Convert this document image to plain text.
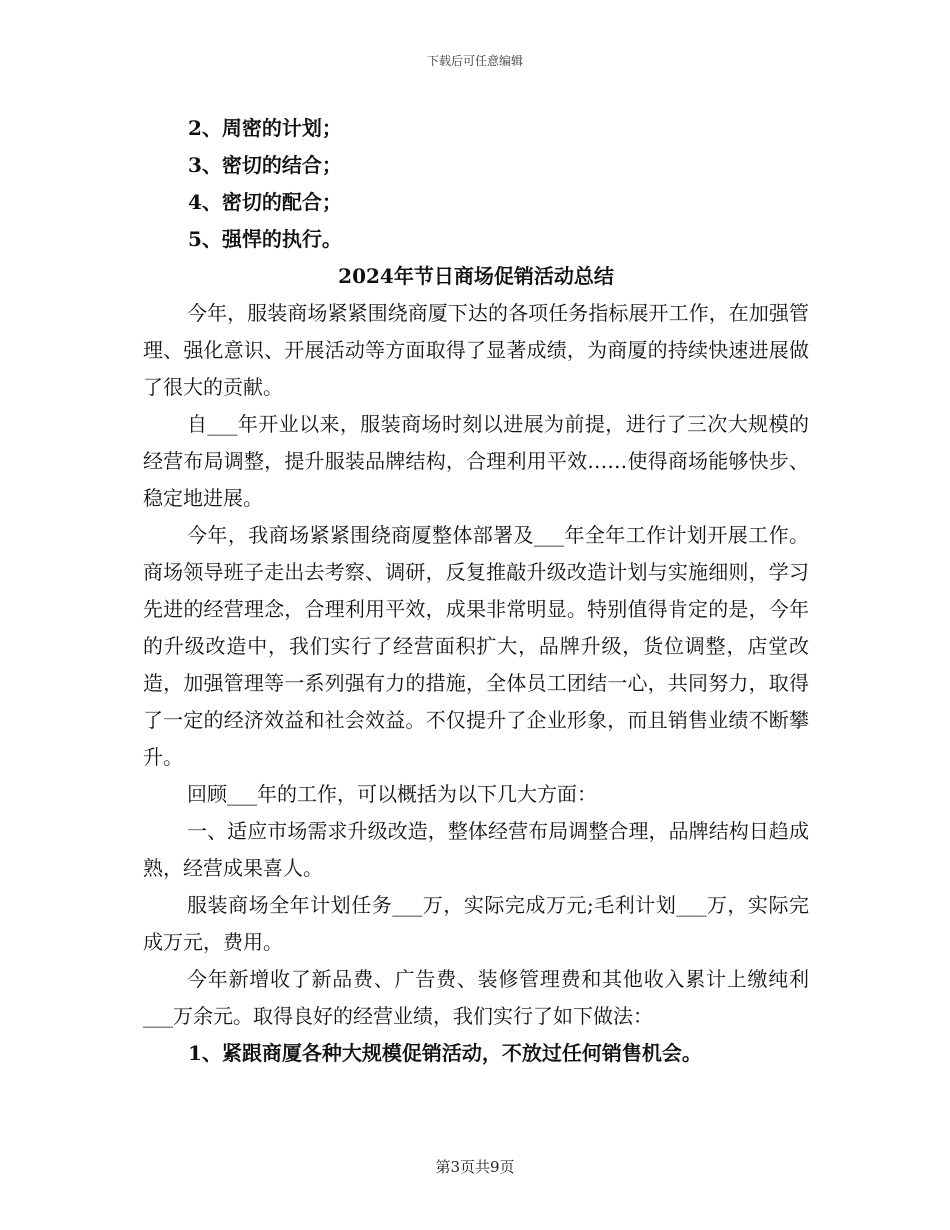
下载后可任意编辑

2、周密的计划；

3、密切的结合；

4、密切的配合；

5、强悍的执行。

2024年节日商场促销活动总结

今年，服装商场紧紧围绕商厦下达的各项任务指标展开工作，在加强管理、强化意识、开展活动等方面取得了显著成绩，为商厦的持续快速进展做了很大的贡献。

自___年开业以来，服装商场时刻以进展为前提，进行了三次大规模的经营布局调整，提升服装品牌结构，合理利用平效……使得商场能够快步、稳定地进展。

今年，我商场紧紧围绕商厦整体部署及___年全年工作计划开展工作。商场领导班子走出去考察、调研，反复推敲升级改造计划与实施细则，学习先进的经营理念，合理利用平效，成果非常明显。特别值得肯定的是，今年的升级改造中，我们实行了经营面积扩大，品牌升级，货位调整，店堂改造，加强管理等一系列强有力的措施，全体员工团结一心，共同努力，取得了一定的经济效益和社会效益。不仅提升了企业形象，而且销售业绩不断攀升。

回顾___年的工作，可以概括为以下几大方面：

一、适应市场需求升级改造，整体经营布局调整合理，品牌结构日趋成熟，经营成果喜人。

服装商场全年计划任务___万，实际完成万元;毛利计划___万，实际完成万元，费用。

今年新增收了新品费、广告费、装修管理费和其他收入累计上缴纯利___万余元。取得良好的经营业绩，我们实行了如下做法：

1、紧跟商厦各种大规模促销活动，不放过任何销售机会。

第3页共9页
